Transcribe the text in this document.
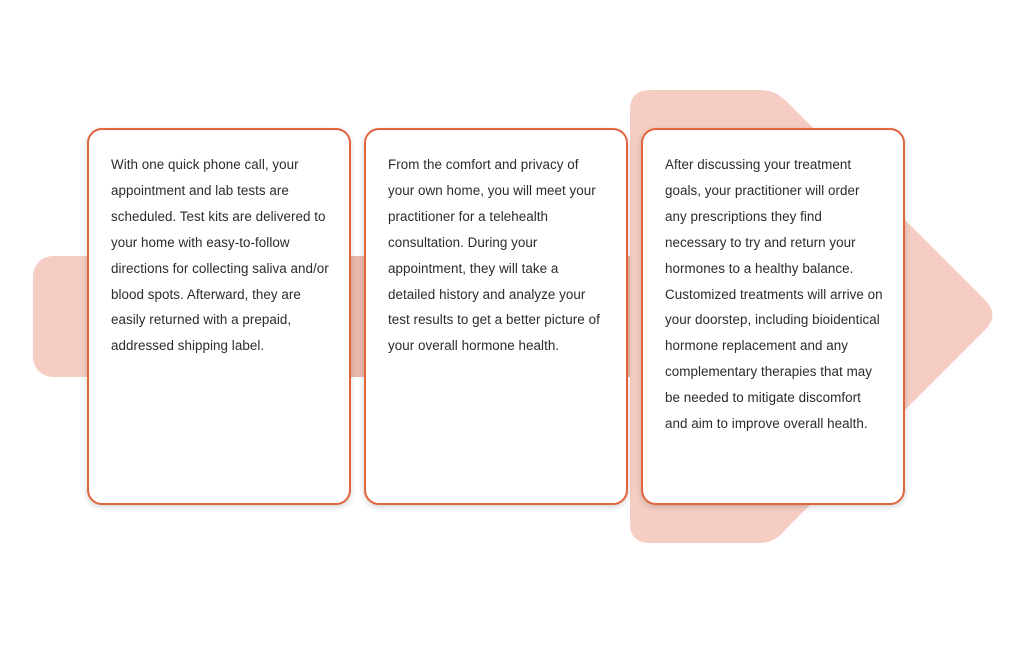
With one quick phone call, your appointment and lab tests are scheduled. Test kits are delivered to your home with easy-to-follow directions for collecting saliva and/or blood spots. Afterward, they are easily returned with a prepaid, addressed shipping label.

From the comfort and privacy of your own home, you will meet your practitioner for a telehealth consultation. During your appointment, they will take a detailed history and analyze your test results to get a better picture of your overall hormone health.

After discussing your treatment goals, your practitioner will order any prescriptions they find necessary to try and return your hormones to a healthy balance. Customized treatments will arrive on your doorstep, including bioidentical hormone replacement and any complementary therapies that may be needed to mitigate discomfort and aim to improve overall health.
